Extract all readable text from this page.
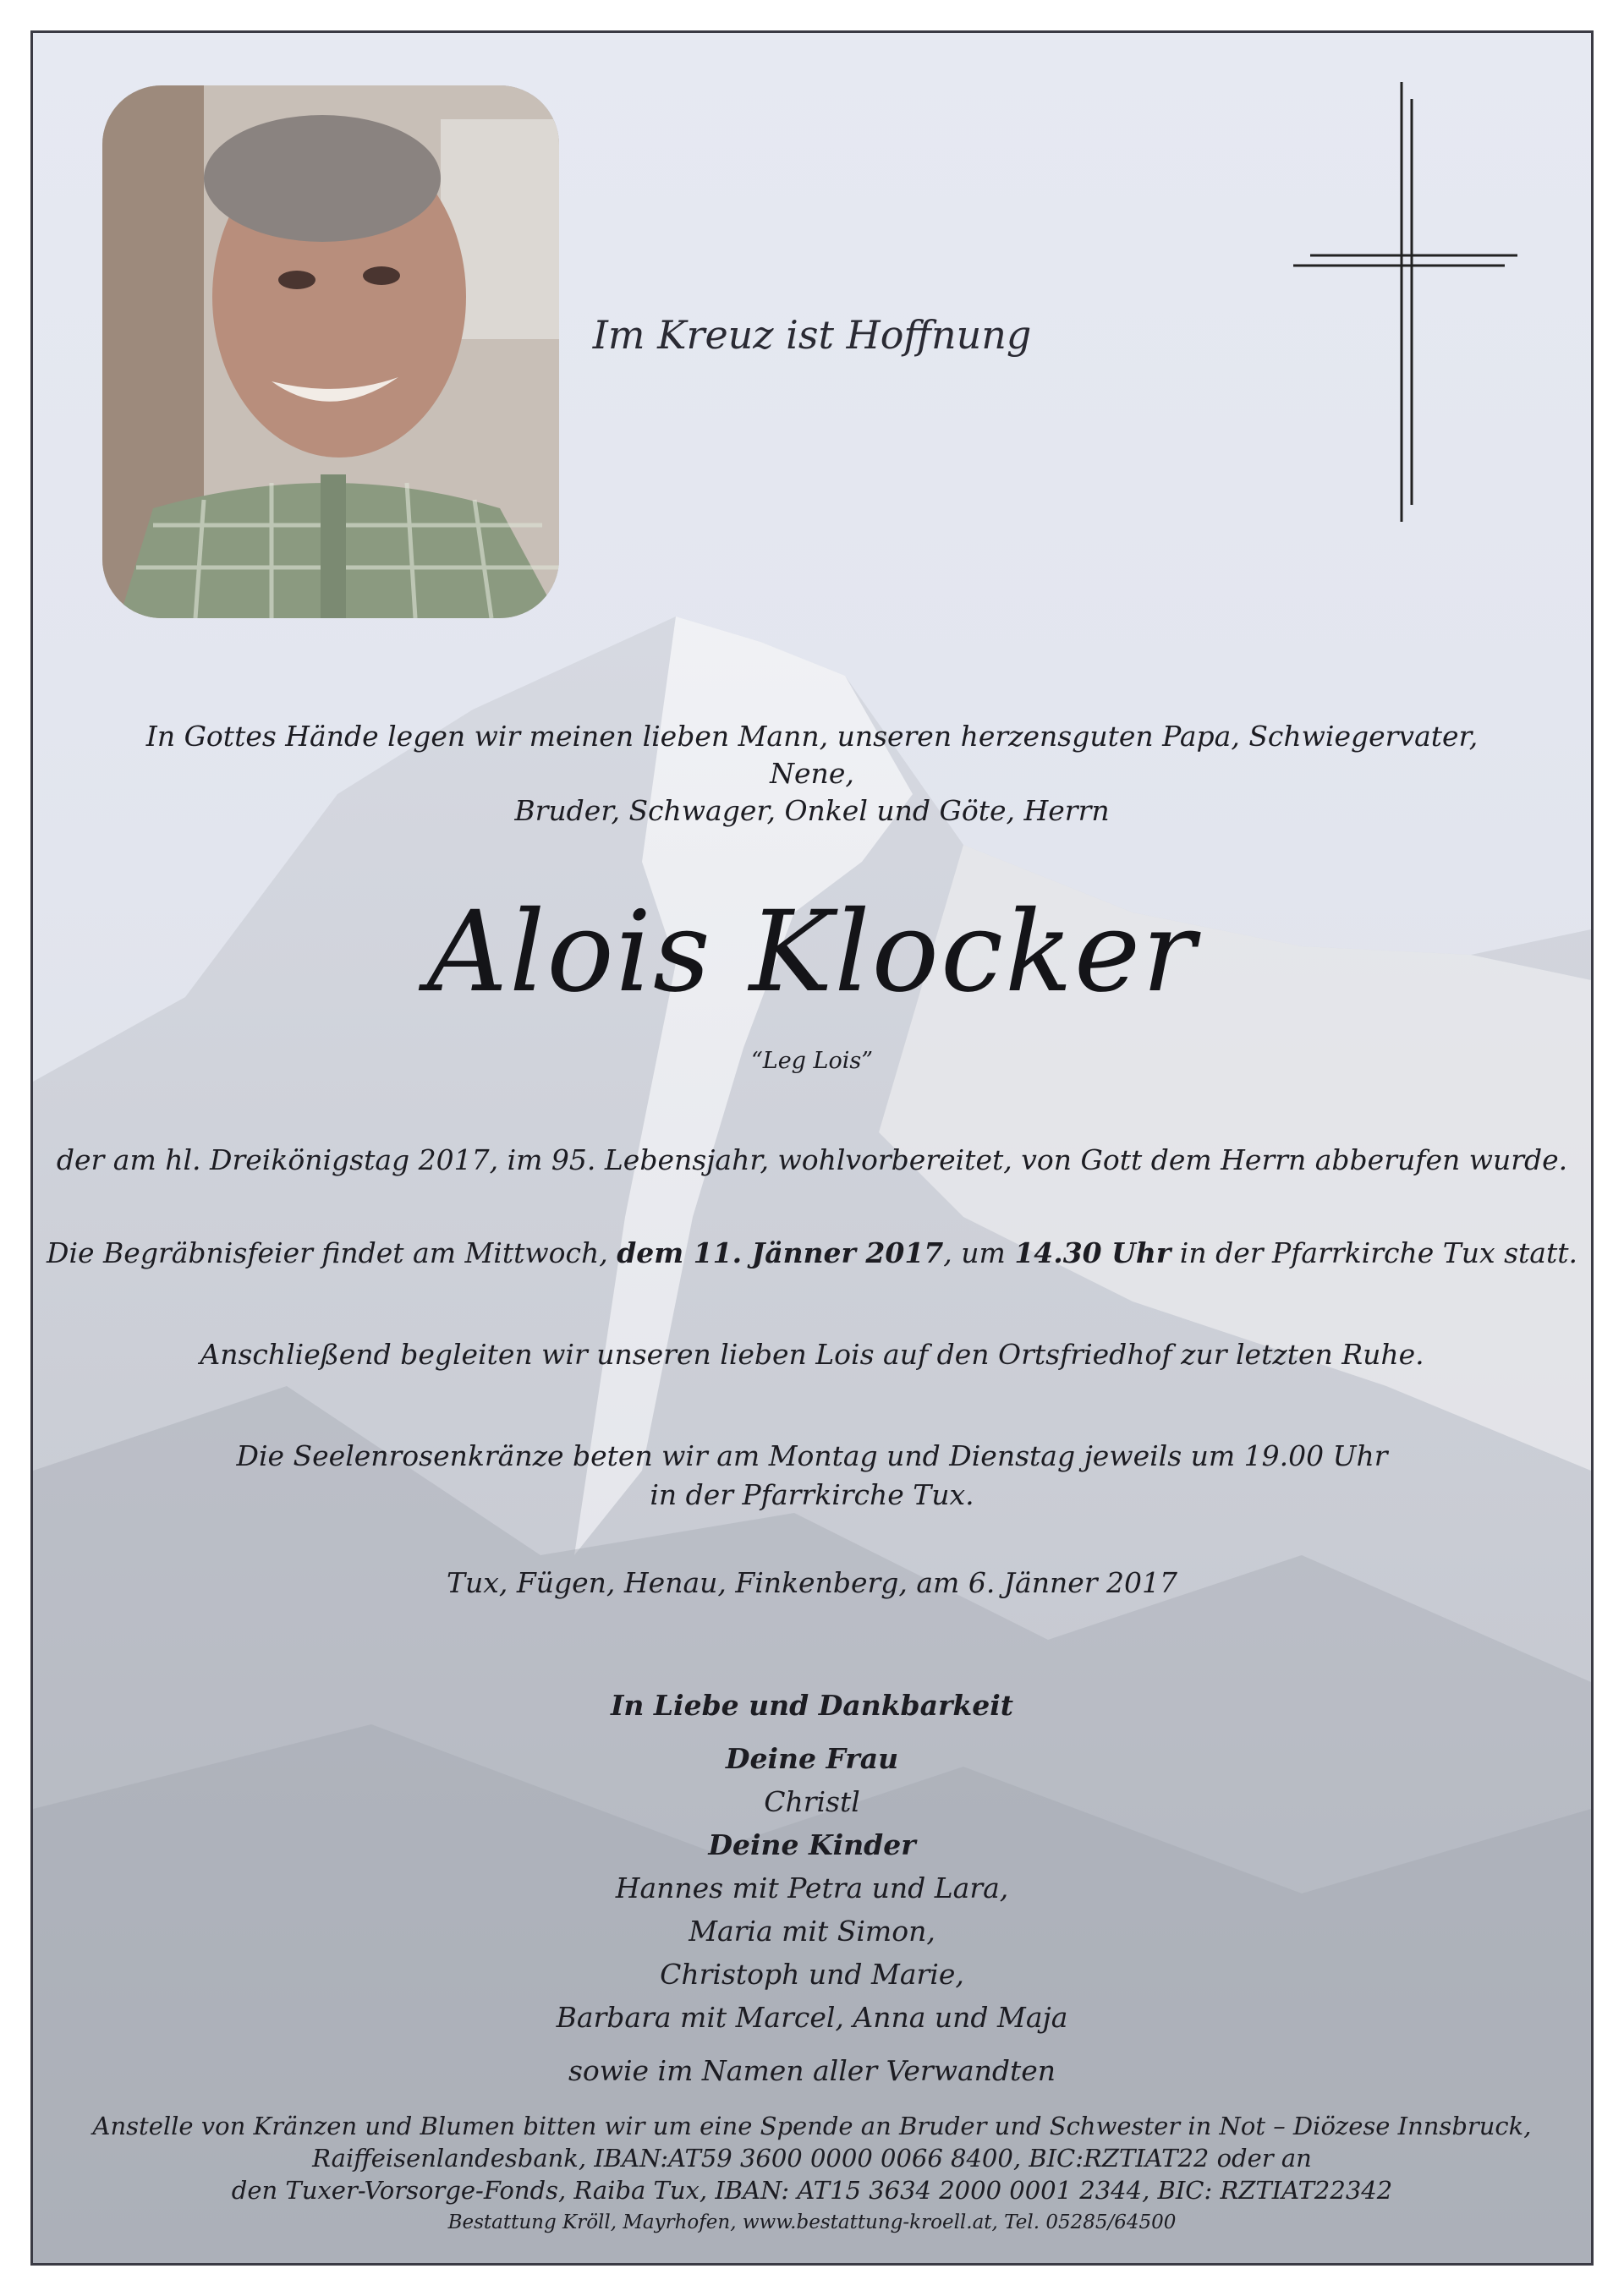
Im Kreuz ist Hoffnung
In Gottes Hände legen wir meinen lieben Mann, unseren herzensguten Papa, Schwiegervater, Nene,
Bruder, Schwager, Onkel und Göte, Herrn
Alois Klocker
“Leg Lois”
der am hl. Dreikönigstag 2017, im 95. Lebensjahr, wohlvorbereitet, von Gott dem Herrn abberufen wurde.
Die Begräbnisfeier findet am Mittwoch, dem 11. Jänner 2017, um 14.30 Uhr in der Pfarrkirche Tux statt.
Anschließend begleiten wir unseren lieben Lois auf den Ortsfriedhof zur letzten Ruhe.
Die Seelenrosenkränze beten wir am Montag und Dienstag jeweils um 19.00 Uhr
in der Pfarrkirche Tux.
Tux, Fügen, Henau, Finkenberg, am 6. Jänner 2017
In Liebe und Dankbarkeit
Deine Frau
Christl
Deine Kinder
Hannes mit Petra und Lara,
Maria mit Simon,
Christoph und Marie,
Barbara mit Marcel, Anna und Maja
sowie im Namen aller Verwandten
Anstelle von Kränzen und Blumen bitten wir um eine Spende an Bruder und Schwester in Not – Diözese Innsbruck,
Raiffeisenlandesbank, IBAN:AT59 3600 0000 0066 8400, BIC:RZTIAT22 oder an
den Tuxer-Vorsorge-Fonds, Raiba Tux, IBAN: AT15 3634 2000 0001 2344, BIC: RZTIAT22342
Bestattung Kröll, Mayrhofen, www.bestattung-kroell.at, Tel. 05285/64500
